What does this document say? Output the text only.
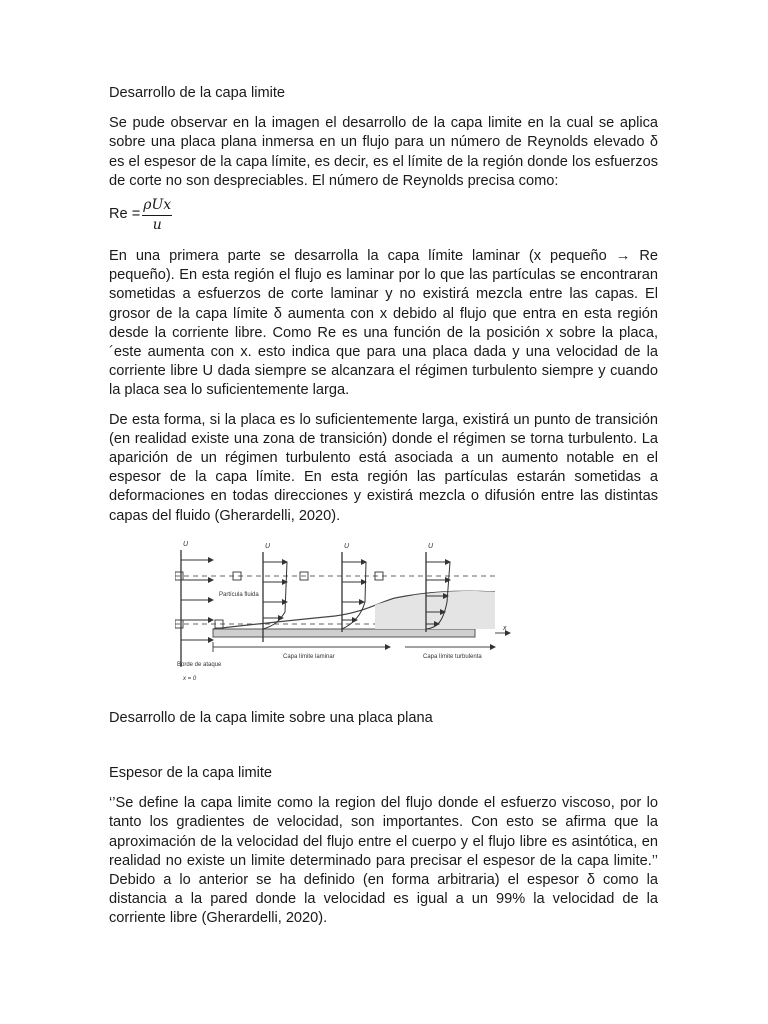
Desarrollo de la capa limite

Se pude observar en la imagen el desarrollo de la capa limite en la cual se aplica sobre una placa plana inmersa en un flujo para un número de Reynolds elevado δ es el espesor de la capa límite, es decir, es el límite de la región donde los esfuerzos de corte no son despreciables. El número de Reynolds precisa como:

$Re = \frac{\text{ρUx}}{u}$

En una primera parte se desarrolla la capa límite laminar (x pequeño → Re pequeño). En esta región el flujo es laminar por lo que las partículas se encontraran sometidas a esfuerzos de corte laminar y no existirá mezcla entre las capas. El grosor de la capa límite δ aumenta con x debido al flujo que entra en esta región desde la corriente libre. Como Re es una función de la posición x sobre la placa, ´este aumenta con x. esto indica que para una placa dada y una velocidad de la corriente libre U dada siempre se alcanzara el régimen turbulento siempre y cuando la placa sea lo suficientemente larga.

De esta forma, si la placa es lo suficientemente larga, existirá un punto de transición (en realidad existe una zona de transición) donde el régimen se torna turbulento. La aparición de un régimen turbulento está asociada a un aumento notable en el espesor de la capa límite. En esta región las partículas estarán sometidas a deformaciones en todas direcciones y existirá mezcla o difusión entre las distintas capas del fluido (Gherardelli, 2020).

U	U	U	U
Partícula fluida
Capa límite laminar	Capa límite turbulenta
Borde de ataque
x = 0
x
Desarrollo de la capa limite sobre una placa plana
Espesor de la capa limite

‘’Se define la capa limite como la region del flujo donde el esfuerzo viscoso, por lo tanto los gradientes de velocidad, son importantes. Con esto se afirma que la aproximación de la velocidad del flujo entre el cuerpo y el flujo libre es asintótica, en realidad no existe un limite determinado para precisar el espesor de la capa limite.’’ Debido a lo anterior se ha definido (en forma arbitraria) el espesor δ como la distancia a la pared donde la velocidad es igual a un 99% la velocidad de la corriente libre (Gherardelli, 2020).
